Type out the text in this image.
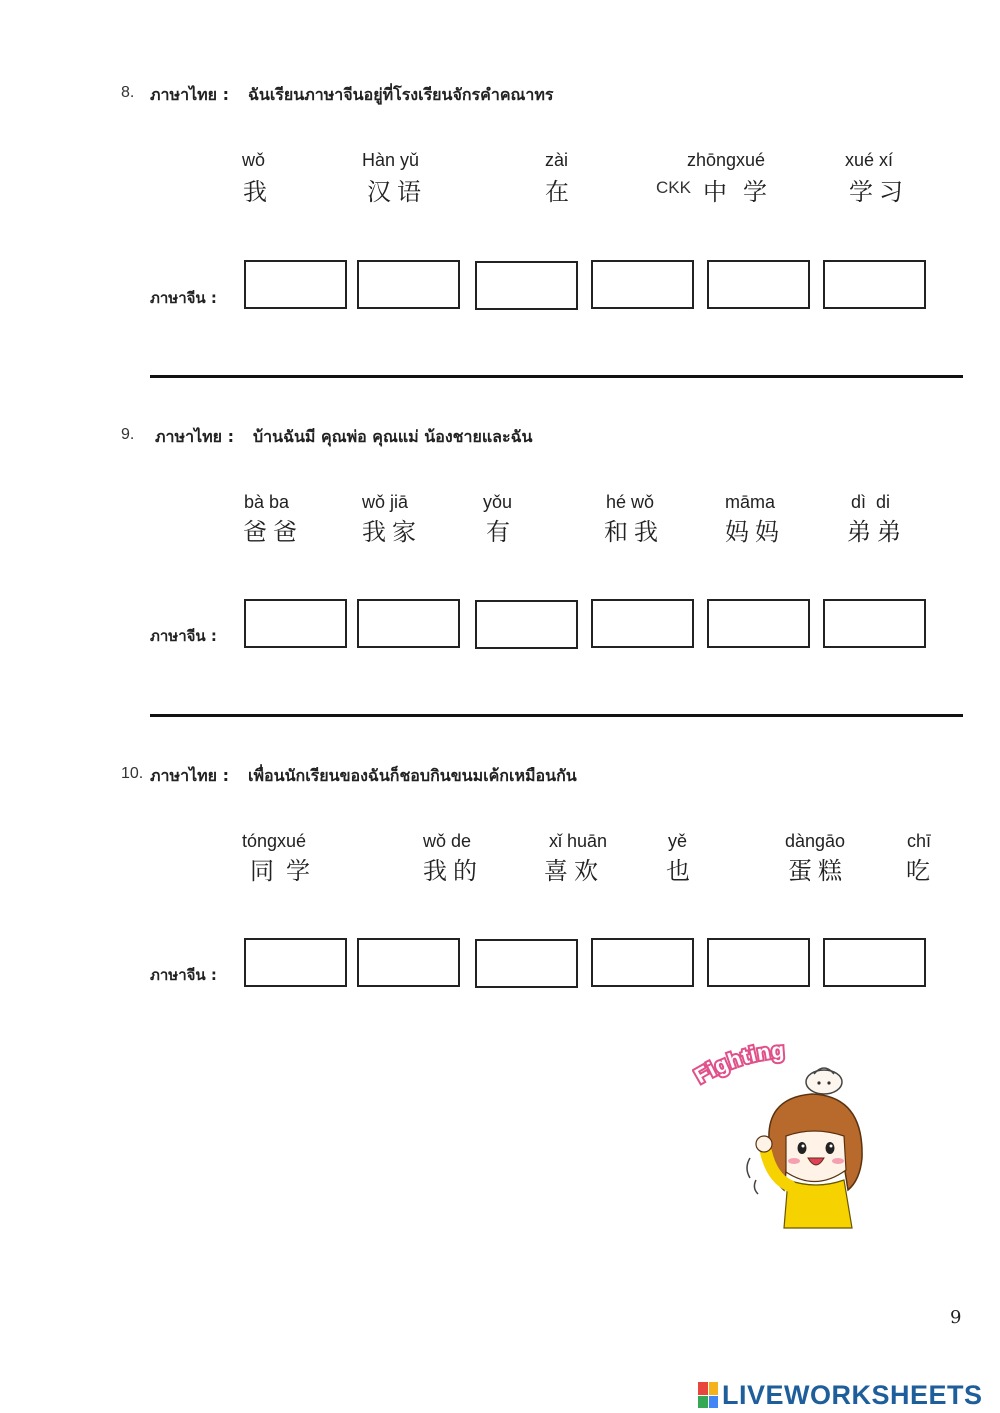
8. ภาษาไทย : ฉันเรียนภาษาจีนอยู่ที่โรงเรียนจักรคำคณาทร
wǒ
我
Hàn yǔ
汉语
zài
在
zhōngxué
CKK 中学
xué xí
学习
ภาษาจีน :
9. ภาษาไทย : บ้านฉันมี คุณพ่อ คุณแม่ น้องชายและฉัน
bà ba
爸爸
wǒ jiā
我家
yǒu
有
hé wǒ
和我
māma
妈妈
dì  di
弟弟
ภาษาจีน :
10. ภาษาไทย : เพื่อนนักเรียนของฉันก็ชอบกินขนมเค้กเหมือนกัน
tóngxué
同学
wǒ de
我的
xǐ huān
喜欢
yě
也
dàngāo
蛋糕
chī
吃
ภาษาจีน :
Fighting
9
LIVEWORKSHEETS
